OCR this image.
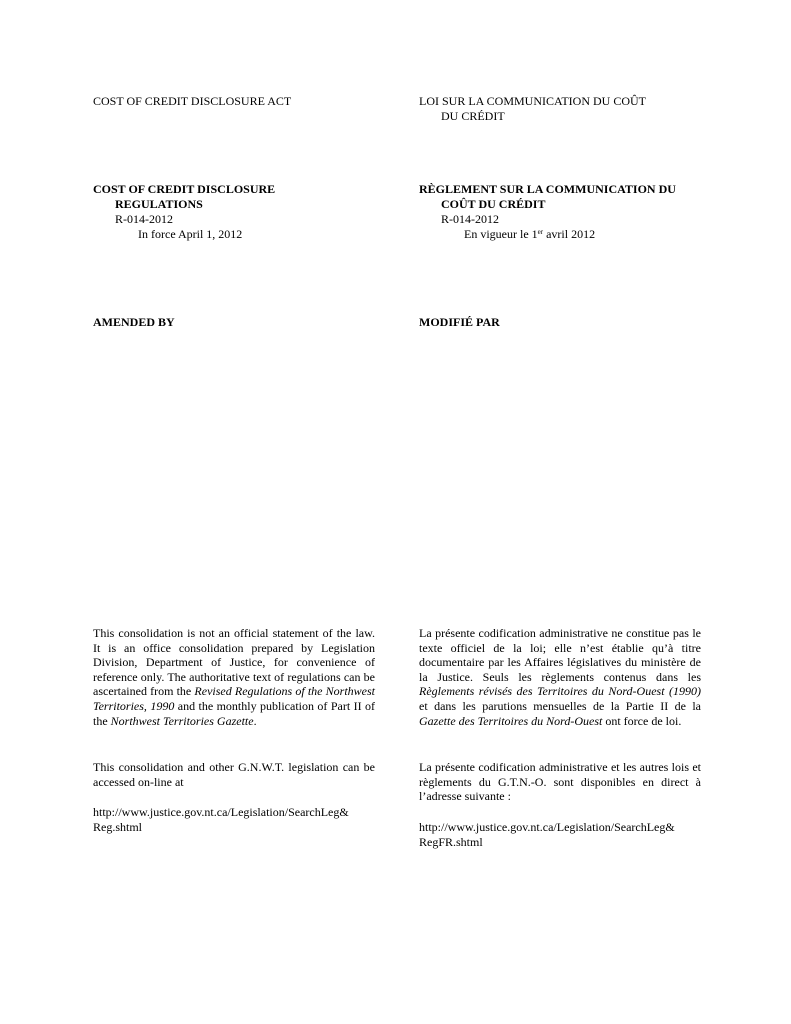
COST OF CREDIT DISCLOSURE ACT
COST OF CREDIT DISCLOSURE
REGULATIONS
R-014-2012
In force April 1, 2012
AMENDED BY
This consolidation is not an official statement of the law. It is an office consolidation prepared by Legislation Division, Department of Justice, for convenience of reference only. The authoritative text of regulations can be ascertained from the Revised Regulations of the Northwest Territories, 1990 and the monthly publication of Part II of the Northwest Territories Gazette.
This consolidation and other G.N.W.T. legislation can be accessed on-line at
http://www.justice.gov.nt.ca/Legislation/SearchLeg&
Reg.shtml
LOI SUR LA COMMUNICATION DU COÛT
DU CRÉDIT
RÈGLEMENT SUR LA COMMUNICATION DU
COÛT DU CRÉDIT
R-014-2012
En vigueur le 1er avril 2012
MODIFIÉ PAR
La présente codification administrative ne constitue pas le texte officiel de la loi; elle n’est établie qu’à titre documentaire par les Affaires législatives du ministère de la Justice. Seuls les règlements contenus dans les Règlements révisés des Territoires du Nord-Ouest (1990) et dans les parutions mensuelles de la Partie II de la Gazette des Territoires du Nord-Ouest ont force de loi.
La présente codification administrative et les autres lois et règlements du G.T.N.-O. sont disponibles en direct à l’adresse suivante :
http://www.justice.gov.nt.ca/Legislation/SearchLeg&
RegFR.shtml
